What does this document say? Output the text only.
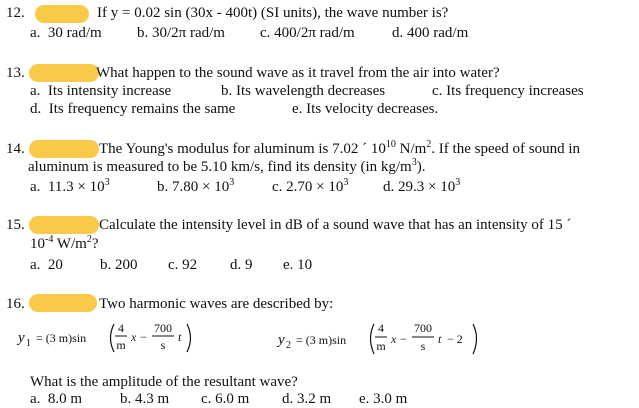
12.	If y = 0.02 sin (30x - 400t) (SI units), the wave number is?
a. 30 rad/m b. 30/2π rad/m c. 400/2π rad/m d. 400 rad/m
13.	What happen to the sound wave as it travel from the air into water?
a. Its intensity increase	b. Its wavelength decreases	c. Its frequency increases
d. Its frequency remains the same	e. Its velocity decreases.
14.	The Young's modulus for aluminum is 7.02 ´ $10^{10}$ $N/m^2$. If the speed of sound in
aluminum is measured to be 5.10 km/s, find its density (in $kg/m^3$).
a. $11.3 \times 10^3$	b. $7.80 \times 10^3$	c. $2.70 \times 10^3$ d. $29.3 \times 10^3$
15.	Calculate the intensity level in dB of a sound wave that has an intensity of 15 ´
$10^{-4}$ $W/m^2$?
a. 20 b. 200 c. 92 d. 9 e. 10
16.	Two harmonic waves are described by:
y 1 = (3 m)sin
4
m
x −
700
s
t	y 2 = (3 m)sin
4
m x −
700
s t − 2
What is the amplitude of the resultant wave?
a. 8.0 m	b. 4.3 m c. 6.0 m d. 3.2 m e. 3.0 m
